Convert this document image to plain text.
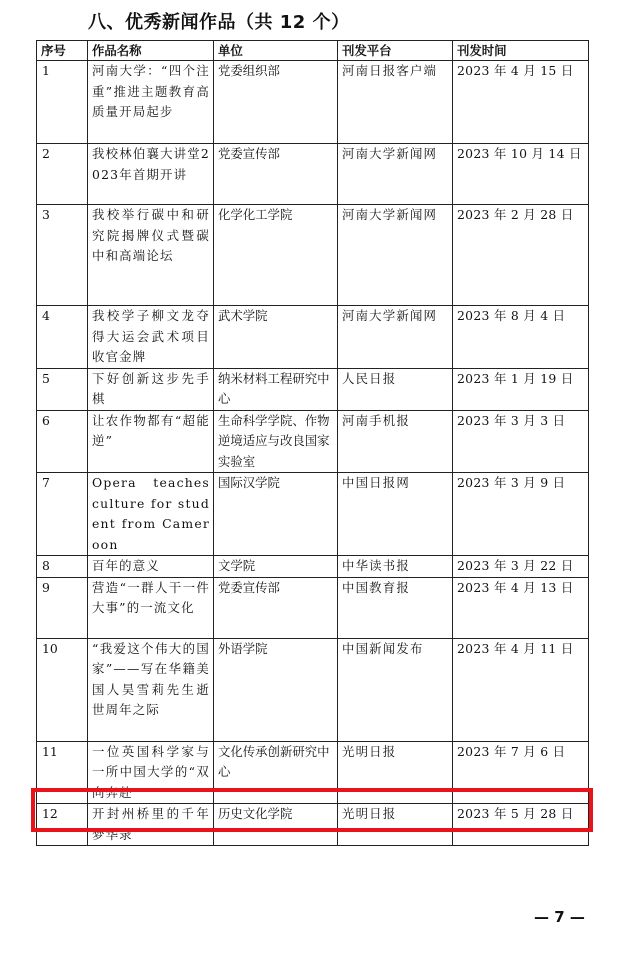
八、优秀新闻作品（共 12 个）
序号	作品名称	单位	刊发平台	刊发时间
1	河南大学：“四个注重”推进主题教育高质量开局起步	党委组织部	河南日报客户端	2023 年 4 月 15 日
2	我校林伯襄大讲堂2023年首期开讲	党委宣传部	河南大学新闻网	2023 年 10 月 14 日
3	我校举行碳中和研究院揭牌仪式暨碳中和高端论坛	化学化工学院	河南大学新闻网	2023 年 2 月 28 日
4	我校学子柳文龙夺得大运会武术项目收官金牌	武术学院	河南大学新闻网	2023 年 8 月 4 日
5	下好创新这步先手棋	纳米材料工程研究中心	人民日报	2023 年 1 月 19 日
6	让农作物都有“超能逆”	生命科学学院、作物逆境适应与改良国家实验室	河南手机报	2023 年 3 月 3 日
7	Opera teaches culture for student from Cameroon	国际汉学院	中国日报网	2023 年 3 月 9 日
8	百年的意义	文学院	中华读书报	2023 年 3 月 22 日
9	营造“一群人干一件大事”的一流文化	党委宣传部	中国教育报	2023 年 4 月 13 日
10	“我爱这个伟大的国家”——写在华籍美国人昊雪莉先生逝世周年之际	外语学院	中国新闻发布	2023 年 4 月 11 日
11	一位英国科学家与一所中国大学的“双向奔赴”	文化传承创新研究中心	光明日报	2023 年 7 月 6 日
12	开封州桥里的千年梦华录	历史文化学院	光明日报	2023 年 5 月 28 日
— 7 —
